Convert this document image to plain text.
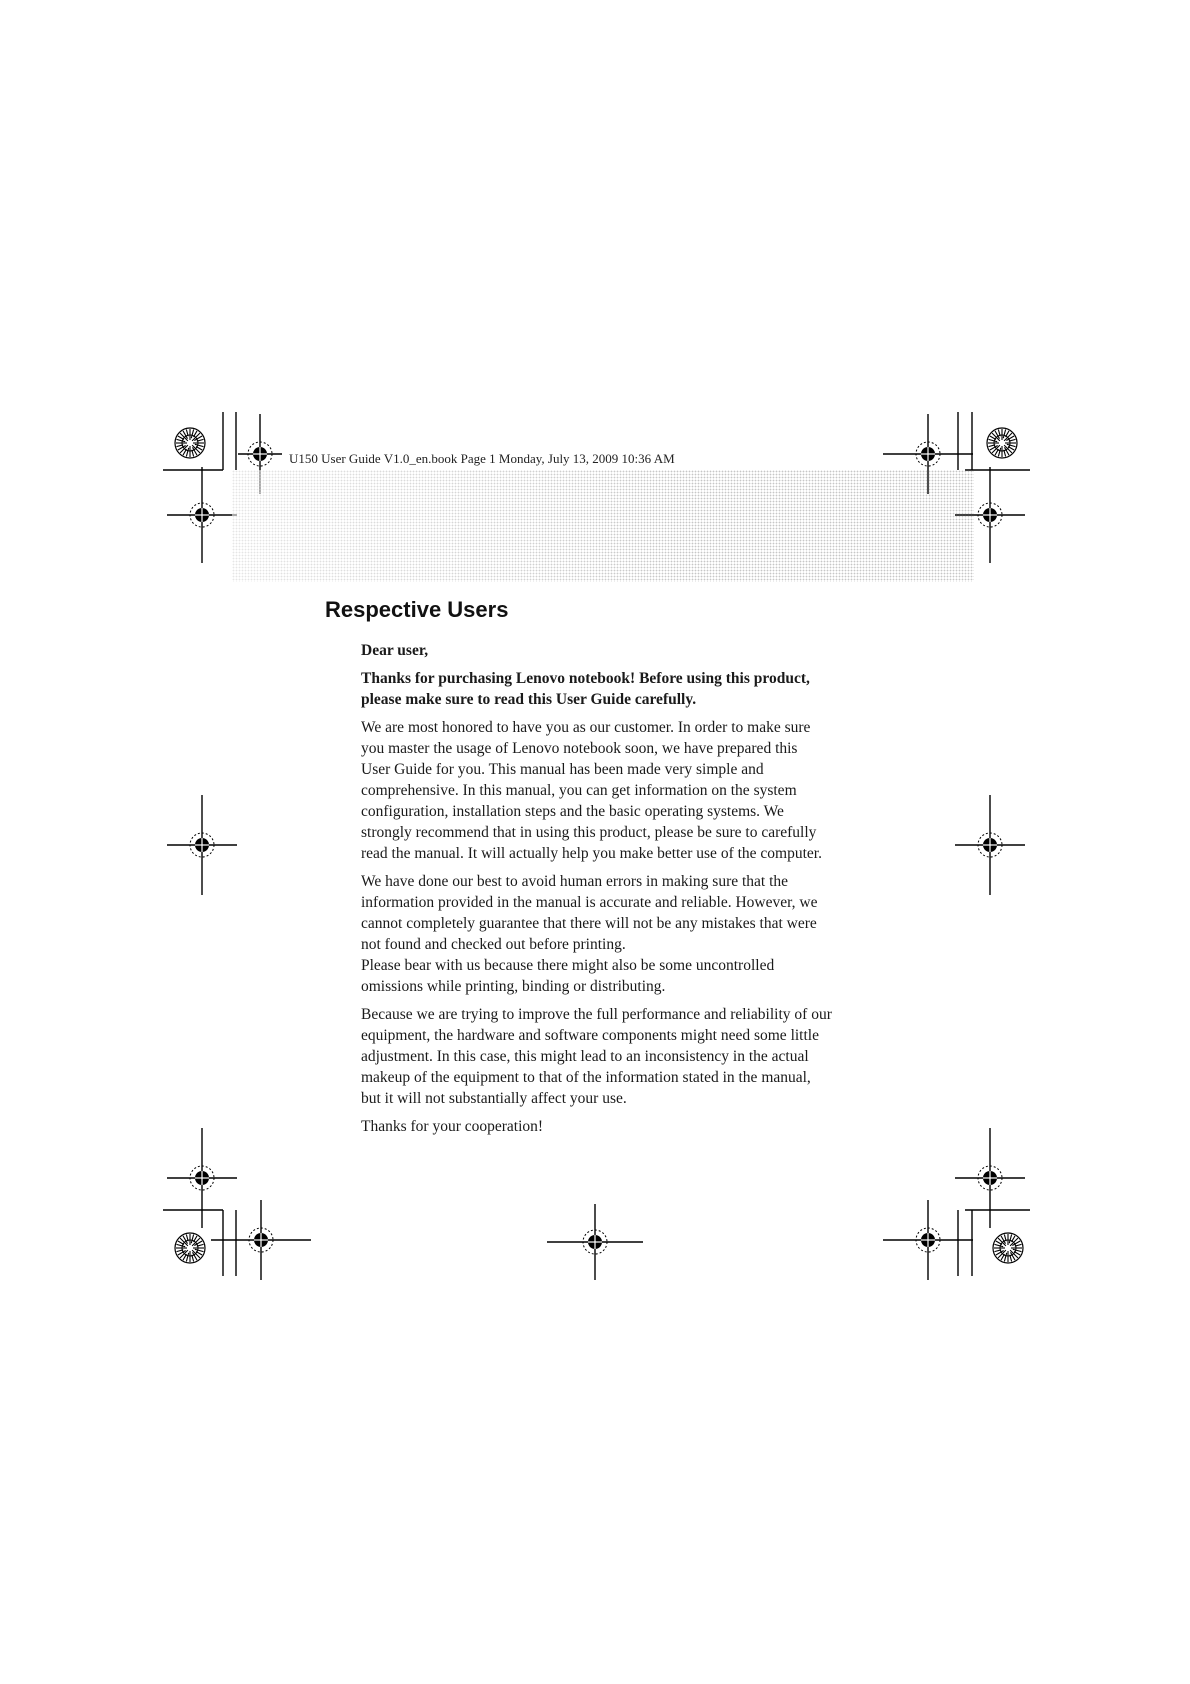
U150 User Guide V1.0_en.book Page 1 Monday, July 13, 2009 10:36 AM
Respective Users

Dear user,

Thanks for purchasing Lenovo notebook! Before using this product,
please make sure to read this User Guide carefully.

We are most honored to have you as our customer. In order to make sure
you master the usage of Lenovo notebook soon, we have prepared this
User Guide for you. This manual has been made very simple and
comprehensive. In this manual, you can get information on the system
configuration, installation steps and the basic operating systems. We
strongly recommend that in using this product, please be sure to carefully
read the manual. It will actually help you make better use of the computer.

We have done our best to avoid human errors in making sure that the
information provided in the manual is accurate and reliable. However, we
cannot completely guarantee that there will not be any mistakes that were
not found and checked out before printing.
Please bear with us because there might also be some uncontrolled
omissions while printing, binding or distributing.

Because we are trying to improve the full performance and reliability of our
equipment, the hardware and software components might need some little
adjustment. In this case, this might lead to an inconsistency in the actual
makeup of the equipment to that of the information stated in the manual,
but it will not substantially affect your use.

Thanks for your cooperation!
